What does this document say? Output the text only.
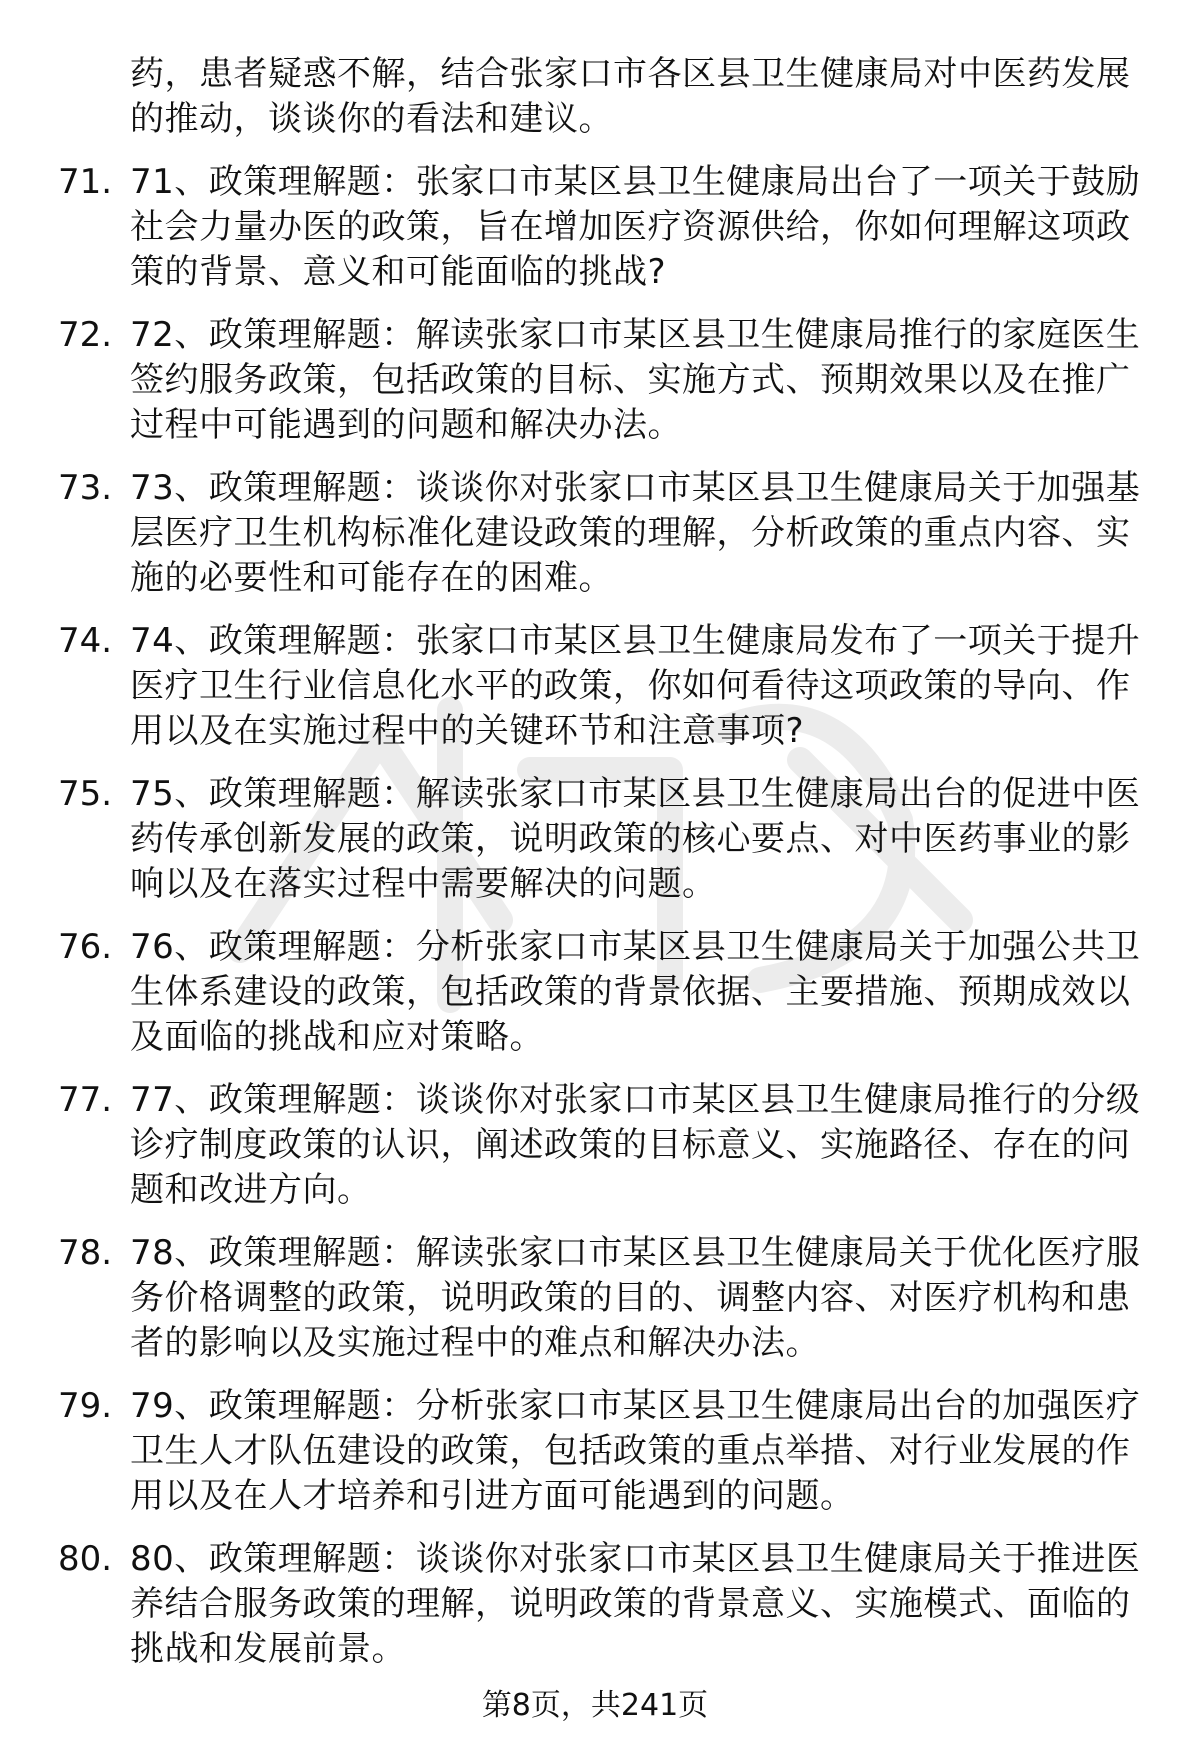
药，患者疑惑不解，结合张家口市各区县卫生健康局对中医药发展的推动，谈谈你的看法和建议。
71. 71、政策理解题：张家口市某区县卫生健康局出台了一项关于鼓励社会力量办医的政策，旨在增加医疗资源供给，你如何理解这项政策的背景、意义和可能面临的挑战?
72. 72、政策理解题：解读张家口市某区县卫生健康局推行的家庭医生签约服务政策，包括政策的目标、实施方式、预期效果以及在推广过程中可能遇到的问题和解决办法。
73. 73、政策理解题：谈谈你对张家口市某区县卫生健康局关于加强基层医疗卫生机构标准化建设政策的理解，分析政策的重点内容、实施的必要性和可能存在的困难。
74. 74、政策理解题：张家口市某区县卫生健康局发布了一项关于提升医疗卫生行业信息化水平的政策，你如何看待这项政策的导向、作用以及在实施过程中的关键环节和注意事项?
75. 75、政策理解题：解读张家口市某区县卫生健康局出台的促进中医药传承创新发展的政策，说明政策的核心要点、对中医药事业的影响以及在落实过程中需要解决的问题。
76. 76、政策理解题：分析张家口市某区县卫生健康局关于加强公共卫生体系建设的政策，包括政策的背景依据、主要措施、预期成效以及面临的挑战和应对策略。
77. 77、政策理解题：谈谈你对张家口市某区县卫生健康局推行的分级诊疗制度政策的认识，阐述政策的目标意义、实施路径、存在的问题和改进方向。
78. 78、政策理解题：解读张家口市某区县卫生健康局关于优化医疗服务价格调整的政策，说明政策的目的、调整内容、对医疗机构和患者的影响以及实施过程中的难点和解决办法。
79. 79、政策理解题：分析张家口市某区县卫生健康局出台的加强医疗卫生人才队伍建设的政策，包括政策的重点举措、对行业发展的作用以及在人才培养和引进方面可能遇到的问题。
80. 80、政策理解题：谈谈你对张家口市某区县卫生健康局关于推进医养结合服务政策的理解，说明政策的背景意义、实施模式、面临的挑战和发展前景。
第8页，共241页
